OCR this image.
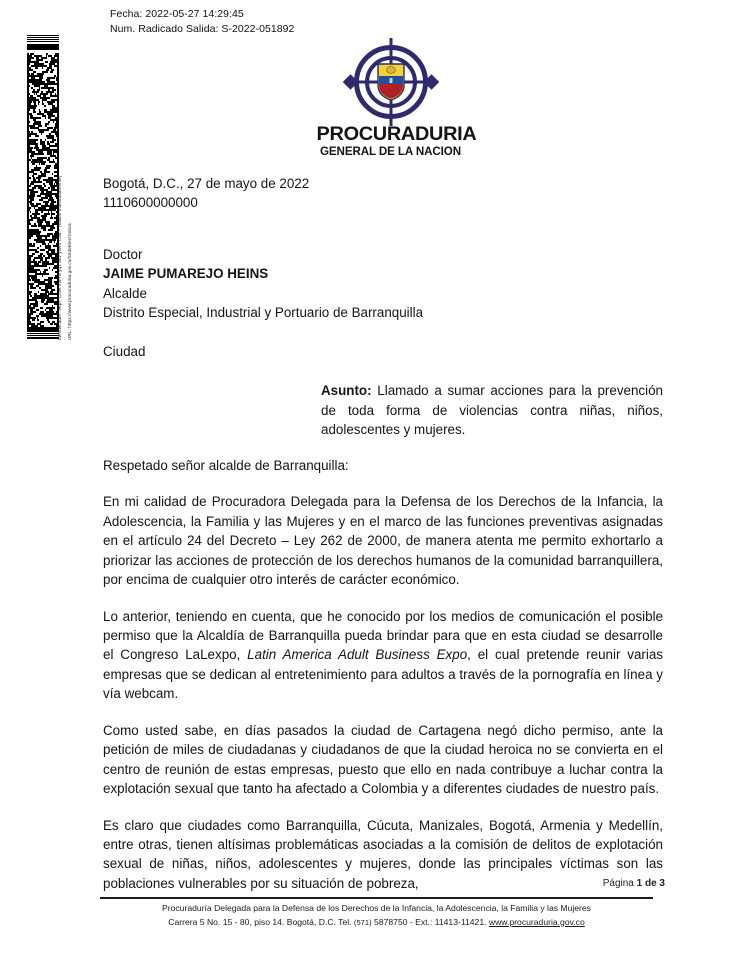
Fecha: 2022-05-27 14:29:45
Num. Radicado Salida: S-2022-051892
Identificador: 9Kp7 Chnk xWY8 yq1 8uv yWr0 Coa – (Valido indefinidamente) URL: https://www.procuraduria.gov.co/SedeElectronica
PROCURADURIA
GENERAL DE LA NACION
Bogotá, D.C., 27 de mayo de 2022
1110600000000
Doctor
JAIME PUMAREJO HEINS
Alcalde
Distrito Especial, Industrial y Portuario de Barranquilla
Ciudad
Asunto: Llamado a sumar acciones para la prevención de toda forma de violencias contra niñas, niños, adolescentes y mujeres.
Respetado señor alcalde de Barranquilla:
En mi calidad de Procuradora Delegada para la Defensa de los Derechos de la Infancia, la Adolescencia, la Familia y las Mujeres y en el marco de las funciones preventivas asignadas en el artículo 24 del Decreto – Ley 262 de 2000, de manera atenta me permito exhortarlo a priorizar las acciones de protección de los derechos humanos de la comunidad barranquillera, por encima de cualquier otro interés de carácter económico.
Lo anterior, teniendo en cuenta, que he conocido por los medios de comunicación el posible permiso que la Alcaldía de Barranquilla pueda brindar para que en esta ciudad se desarrolle el Congreso LaLexpo, Latin America Adult Business Expo, el cual pretende reunir varias empresas que se dedican al entretenimiento para adultos a través de la pornografía en línea y vía webcam.
Como usted sabe, en días pasados la ciudad de Cartagena negó dicho permiso, ante la petición de miles de ciudadanas y ciudadanos de que la ciudad heroica no se convierta en el centro de reunión de estas empresas, puesto que ello en nada contribuye a luchar contra la explotación sexual que tanto ha afectado a Colombia y a diferentes ciudades de nuestro país.
Es claro que ciudades como Barranquilla, Cúcuta, Manizales, Bogotá, Armenia y Medellín, entre otras, tienen altísimas problemáticas asociadas a la comisión de delitos de explotación sexual de niñas, niños, adolescentes y mujeres, donde las principales víctimas son las poblaciones vulnerables por su situación de pobreza,	Página 1 de 3
Procuraduría Delegada para la Defensa de los Derechos de la Infancia, la Adolescencia, la Familia y las Mujeres
Carrera 5 No. 15 - 80, piso 14. Bogotá, D.C. Tel. (571) 5878750 - Ext.: 11413-11421. www.procuraduria.gov.co
